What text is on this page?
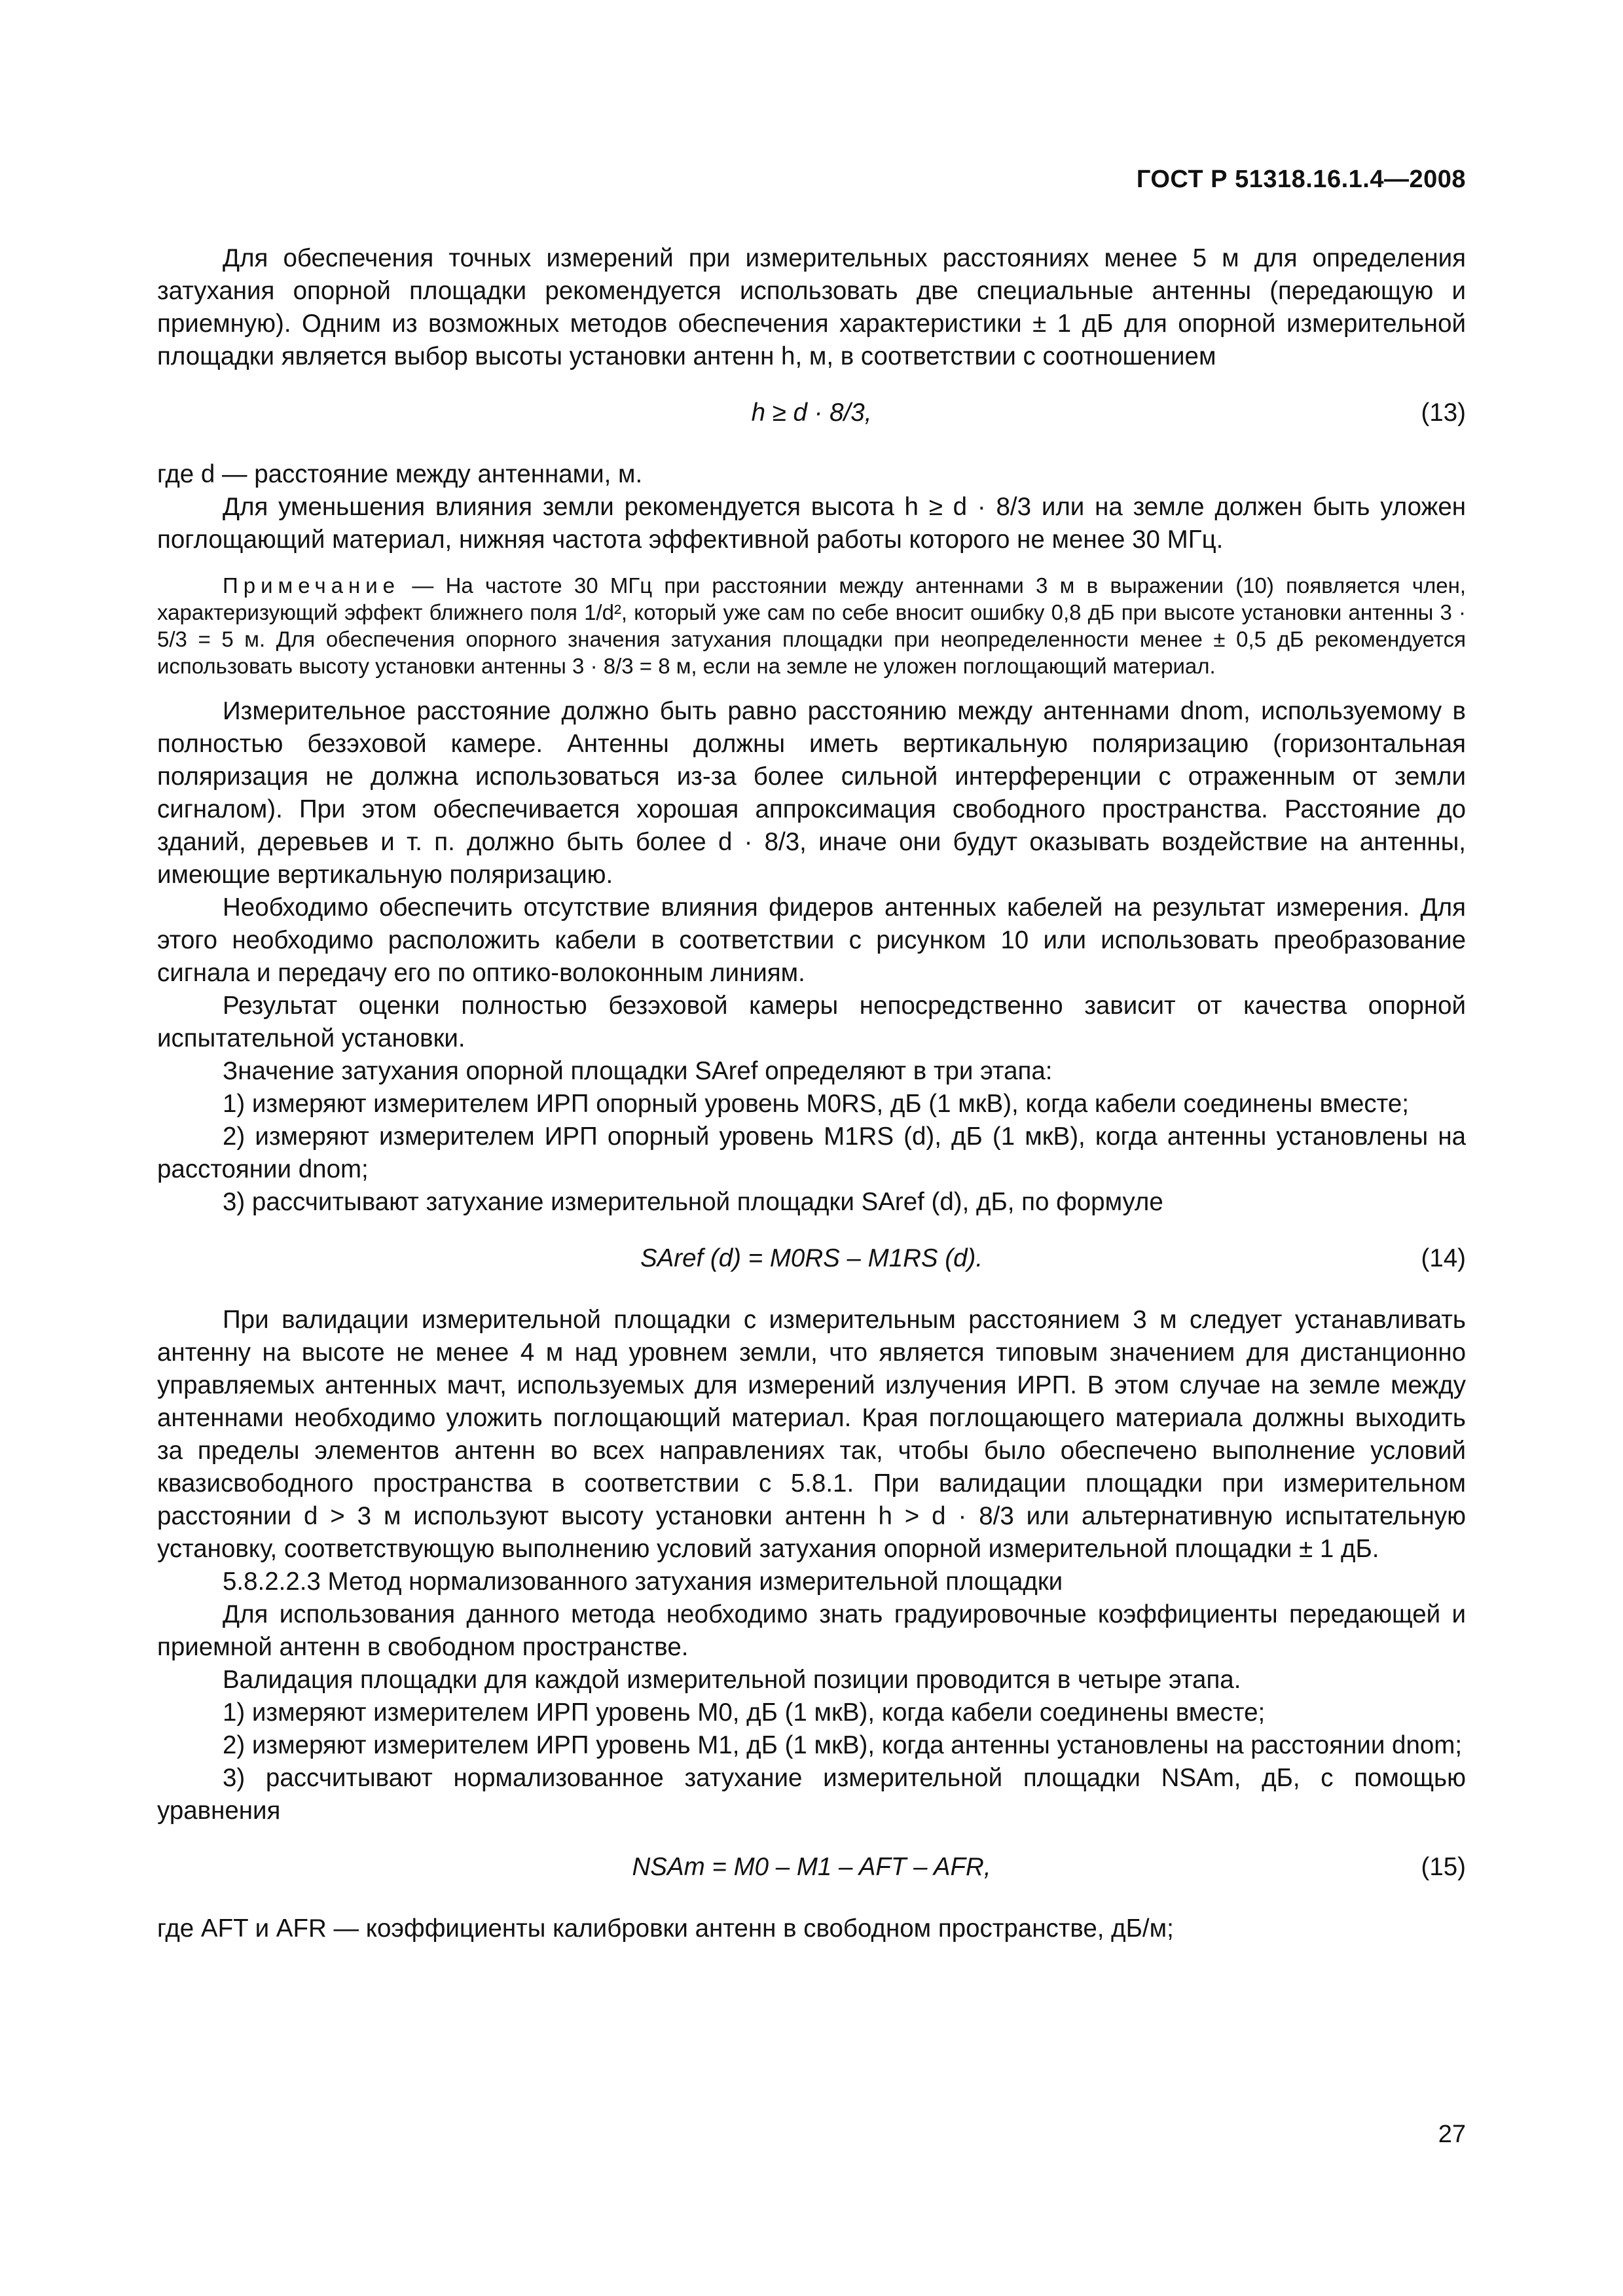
ГОСТ Р 51318.16.1.4—2008

Для обеспечения точных измерений при измерительных расстояниях менее 5 м для определения затухания опорной площадки рекомендуется использовать две специальные антенны (передающую и приемную). Одним из возможных методов обеспечения характеристики ± 1 дБ для опорной измерительной площадки является выбор высоты установки антенн h, м, в соответствии с соотношением

h ≥ d · 8/3,	(13)

где d — расстояние между антеннами, м.

Для уменьшения влияния земли рекомендуется высота h ≥ d · 8/3 или на земле должен быть уложен поглощающий материал, нижняя частота эффективной работы которого не менее 30 МГц.

Примечание — На частоте 30 МГц при расстоянии между антеннами 3 м в выражении (10) появляется член, характеризующий эффект ближнего поля 1/d², который уже сам по себе вносит ошибку 0,8 дБ при высоте установки антенны 3 · 5/3 = 5 м. Для обеспечения опорного значения затухания площадки при неопределенности менее ± 0,5 дБ рекомендуется использовать высоту установки антенны 3 · 8/3 = 8 м, если на земле не уложен поглощающий материал.

Измерительное расстояние должно быть равно расстоянию между антеннами dnom, используемому в полностью безэховой камере. Антенны должны иметь вертикальную поляризацию (горизонтальная поляризация не должна использоваться из-за более сильной интерференции с отраженным от земли сигналом). При этом обеспечивается хорошая аппроксимация свободного пространства. Расстояние до зданий, деревьев и т. п. должно быть более d · 8/3, иначе они будут оказывать воздействие на антенны, имеющие вертикальную поляризацию.

Необходимо обеспечить отсутствие влияния фидеров антенных кабелей на результат измерения. Для этого необходимо расположить кабели в соответствии с рисунком 10 или использовать преобразование сигнала и передачу его по оптико-волоконным линиям.

Результат оценки полностью безэховой камеры непосредственно зависит от качества опорной испытательной установки.

Значение затухания опорной площадки SAref определяют в три этапа:

1) измеряют измерителем ИРП опорный уровень M0RS, дБ (1 мкВ), когда кабели соединены вместе;

2) измеряют измерителем ИРП опорный уровень M1RS (d), дБ (1 мкВ), когда антенны установлены на расстоянии dnom;

3) рассчитывают затухание измерительной площадки SAref (d), дБ, по формуле

SAref (d) = M0RS – M1RS (d).	(14)

При валидации измерительной площадки с измерительным расстоянием 3 м следует устанавливать антенну на высоте не менее 4 м над уровнем земли, что является типовым значением для дистанционно управляемых антенных мачт, используемых для измерений излучения ИРП. В этом случае на земле между антеннами необходимо уложить поглощающий материал. Края поглощающего материала должны выходить за пределы элементов антенн во всех направлениях так, чтобы было обеспечено выполнение условий квазисвободного пространства в соответствии с 5.8.1. При валидации площадки при измерительном расстоянии d > 3 м используют высоту установки антенн h > d · 8/3 или альтернативную испытательную установку, соответствующую выполнению условий затухания опорной измерительной площадки ± 1 дБ.

5.8.2.2.3 Метод нормализованного затухания измерительной площадки

Для использования данного метода необходимо знать градуировочные коэффициенты передающей и приемной антенн в свободном пространстве.

Валидация площадки для каждой измерительной позиции проводится в четыре этапа.

1) измеряют измерителем ИРП уровень M0, дБ (1 мкВ), когда кабели соединены вместе;

2) измеряют измерителем ИРП уровень M1, дБ (1 мкВ), когда антенны установлены на расстоянии dnom;

3) рассчитывают нормализованное затухание измерительной площадки NSAm, дБ, с помощью уравнения

NSAm = M0 – M1 – AFT – AFR,	(15)

где AFT и AFR — коэффициенты калибровки антенн в свободном пространстве, дБ/м;

27
